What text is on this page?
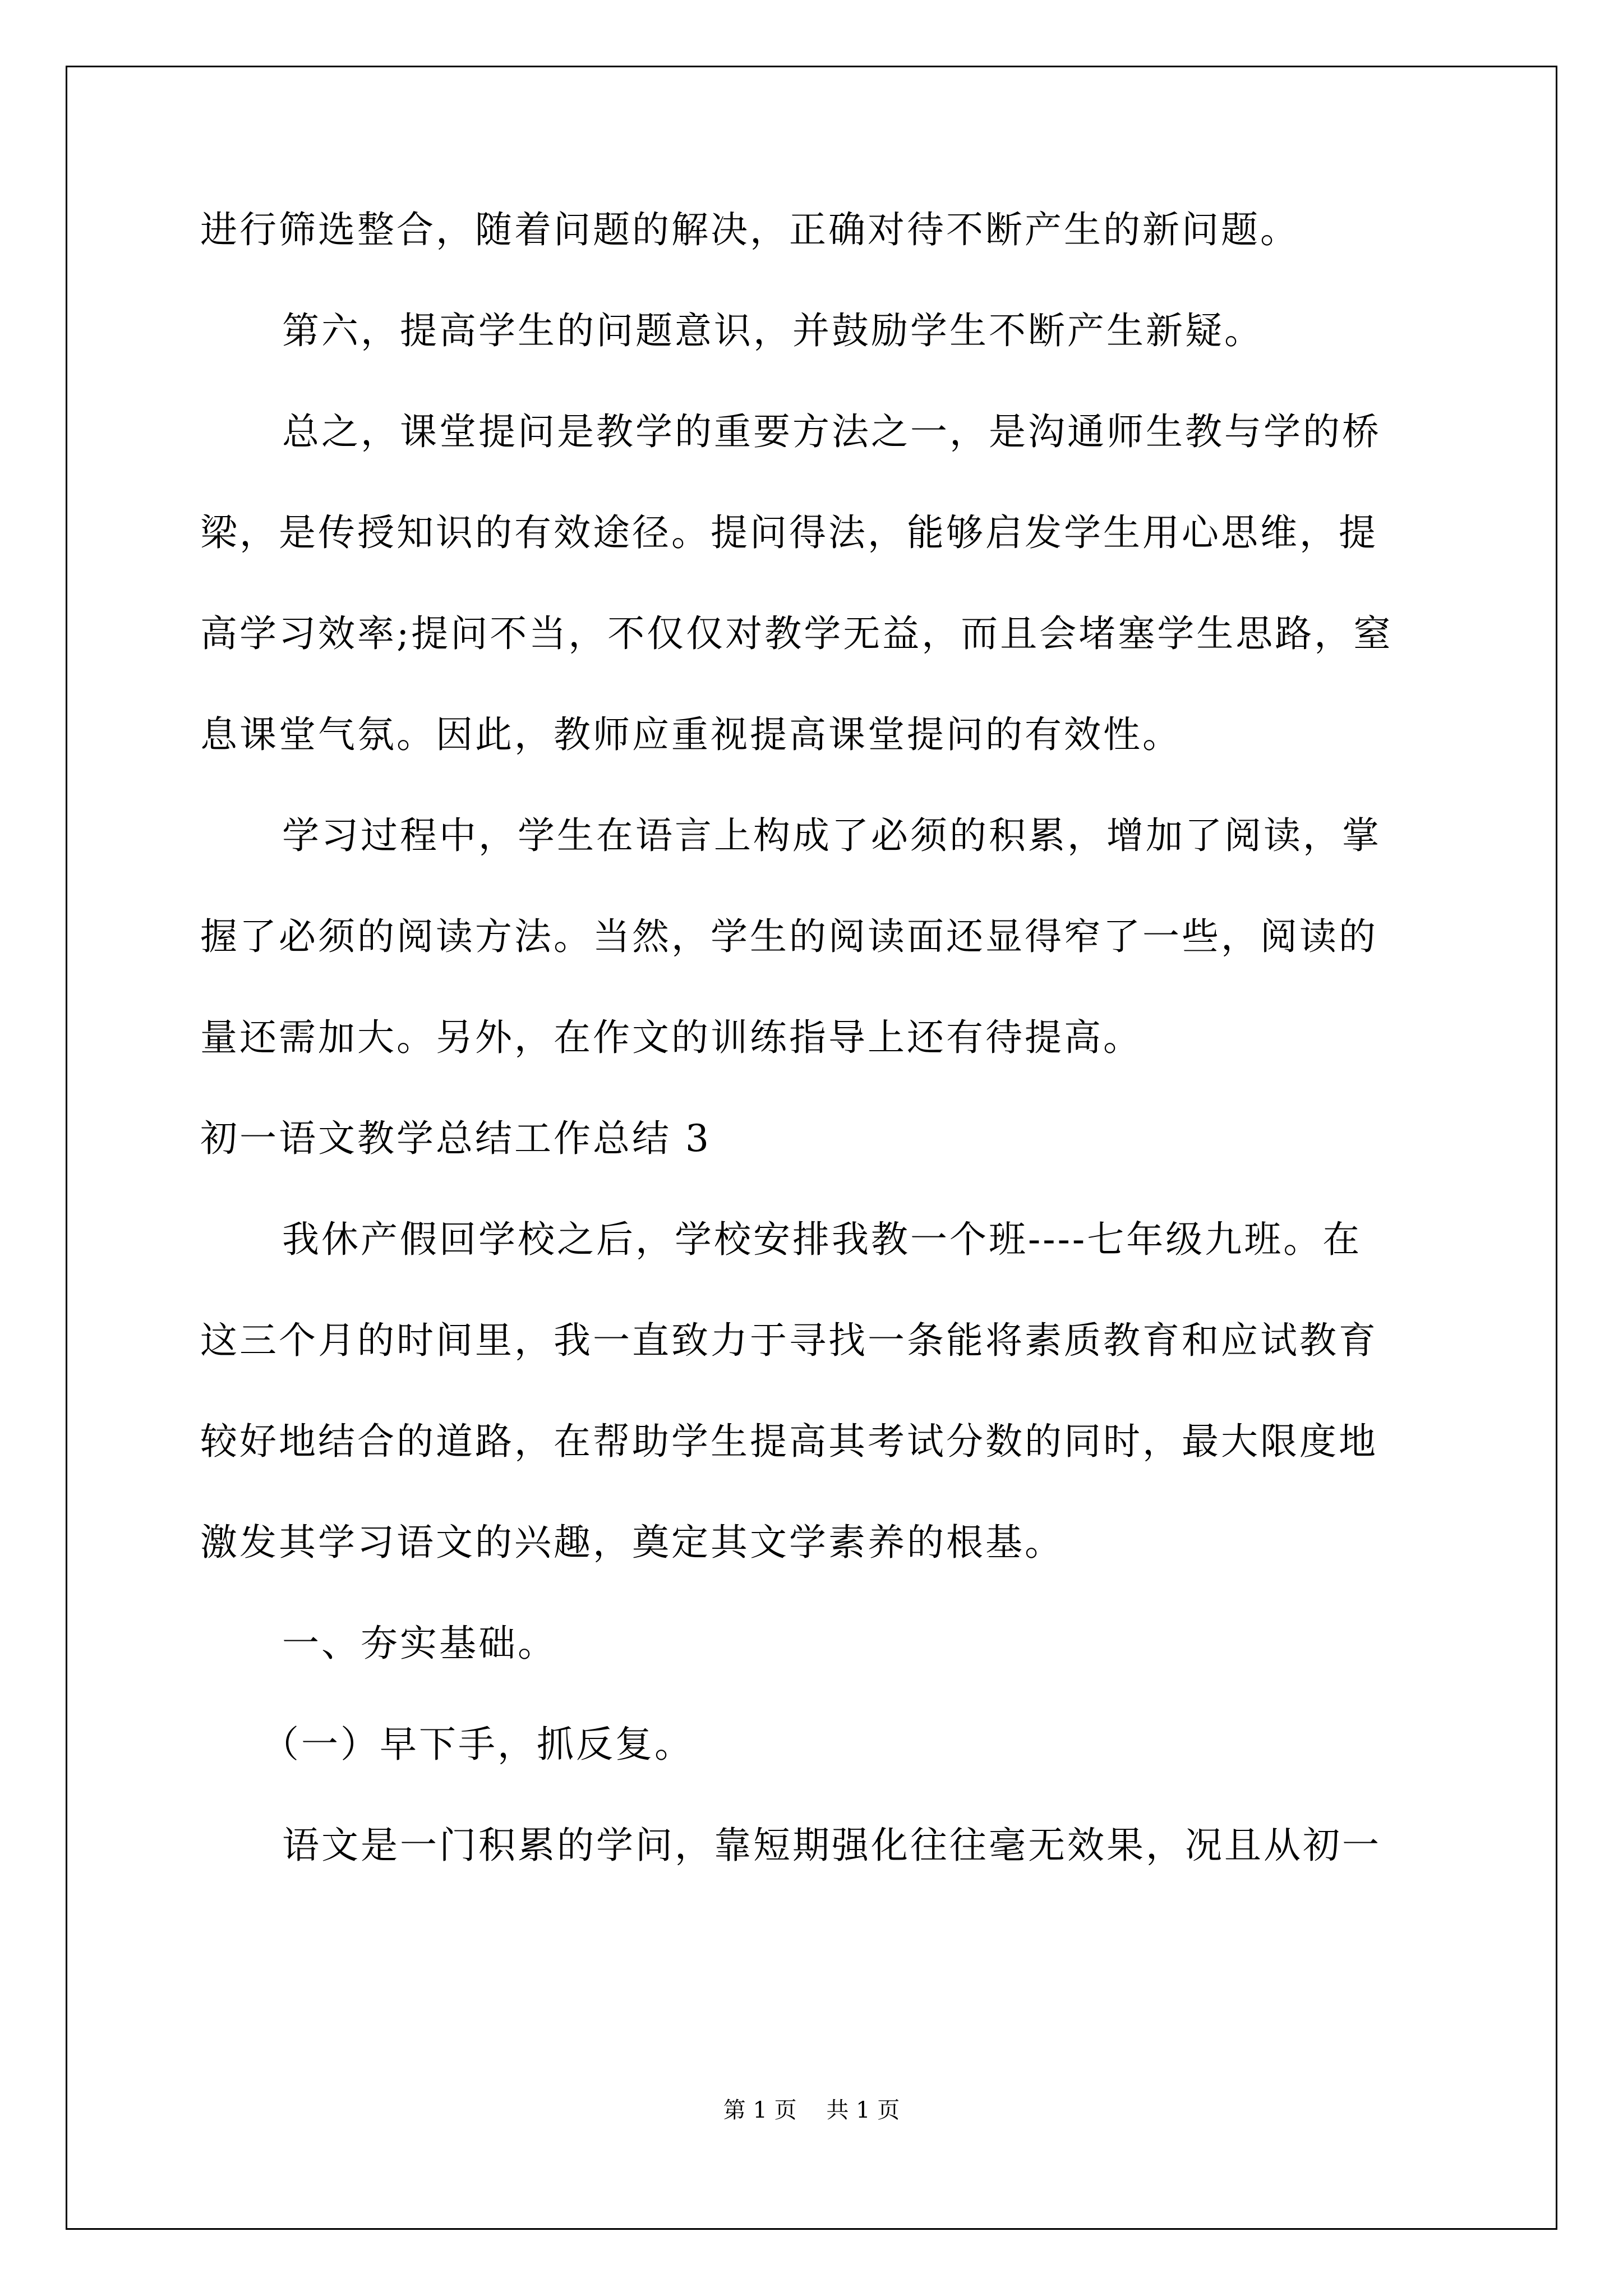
进行筛选整合，随着问题的解决，正确对待不断产生的新问题。
第六，提高学生的问题意识，并鼓励学生不断产生新疑。
总之，课堂提问是教学的重要方法之一，是沟通师生教与学的桥
梁，是传授知识的有效途径。提问得法，能够启发学生用心思维，提
高学习效率;提问不当，不仅仅对教学无益，而且会堵塞学生思路，窒
息课堂气氛。因此，教师应重视提高课堂提问的有效性。
学习过程中，学生在语言上构成了必须的积累，增加了阅读，掌
握了必须的阅读方法。当然，学生的阅读面还显得窄了一些，阅读的
量还需加大。另外，在作文的训练指导上还有待提高。
初一语文教学总结工作总结 3
我休产假回学校之后，学校安排我教一个班----七年级九班。在
这三个月的时间里，我一直致力于寻找一条能将素质教育和应试教育
较好地结合的道路，在帮助学生提高其考试分数的同时，最大限度地
激发其学习语文的兴趣，奠定其文学素养的根基。
一、夯实基础。
（一）早下手，抓反复。
语文是一门积累的学问，靠短期强化往往毫无效果，况且从初一
第 1 页 共 1 页
